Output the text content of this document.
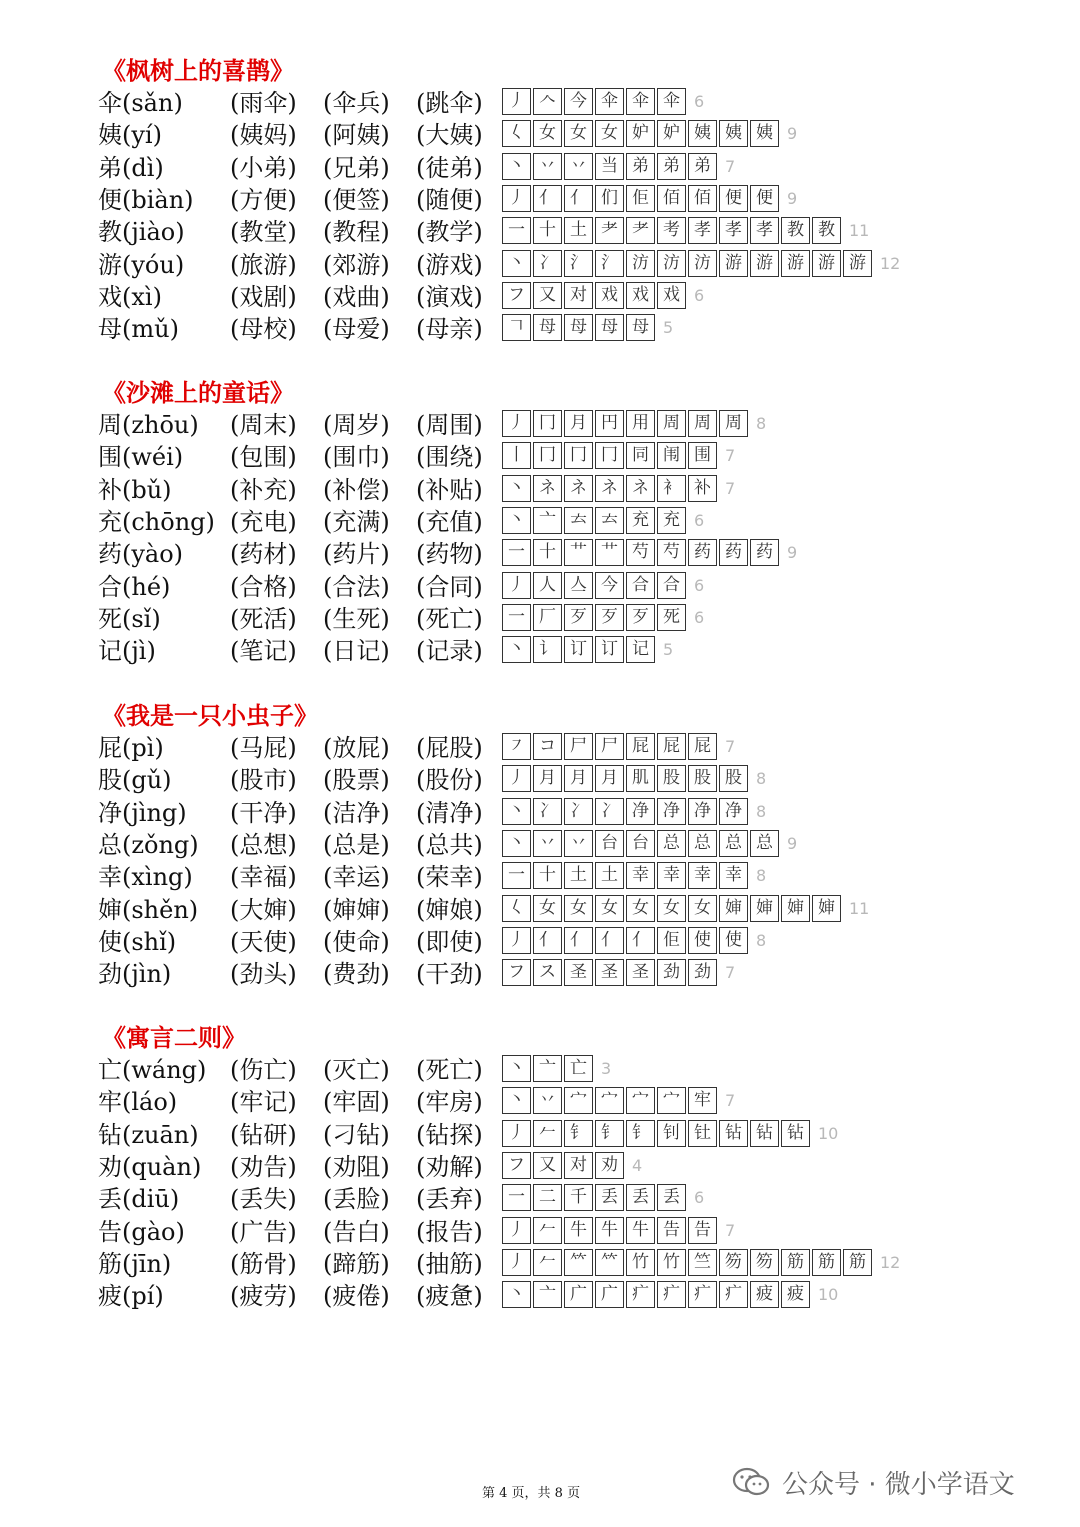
《枫树上的喜鹊》
伞(sǎn) (雨伞) (伞兵) (跳伞)	丿 𠆢 今 伞 伞 伞 6
姨(yí)	(姨妈) (阿姨) (大姨)	𡿨 女 女 女 妒 妒 姨 姨 姨 9
弟(dì)	(小弟) (兄弟) (徒弟)	丶 丷 丷 当 弟 弟 弟 7
便(biàn) (方便) (便签) (随便)	丿 亻 亻 们 佢 佰 佰 便 便 9
教(jiào) (教堂) (教程) (教学)	一 十 土 耂 耂 考 孝 孝 孝 教 教 11
游(yóu) (旅游) (郊游) (游戏)	丶 冫 氵 氵 汸 汸 汸 游 游 游 游 游 12
戏(xì)	(戏剧) (戏曲) (演戏)	フ 又 对 戏 戏 戏 6
母(mǔ) (母校) (母爱) (母亲)	𠃍 母 母 母 母 5
《沙滩上的童话》
周(zhōu) (周末) (周岁) (周围)	丿 冂 月 円 用 周 周 周 8
围(wéi) (包围) (围巾) (围绕)	丨 冂 冂 冂 同 闱 围 7
补(bǔ) (补充) (补偿) (补贴)	丶 ネ ネ ネ ネ 衤 补 7
充(chōng) (充电) (充满) (充值)	丶 亠 𠫓 𠫓 充 充 6
药(yào) (药材) (药片) (药物)	一 十 艹 艹 芍 芍 药 药 药 9
合(hé) (合格) (合法) (合同)	丿 人 亼 今 合 合 6
死(sǐ)	(死活) (生死) (死亡)	一 厂 歹 歹 歹 死 6
记(jì)	(笔记) (日记) (记录)	丶 讠 订 订 记 5
《我是一只小虫子》
屁(pì)	(马屁) (放屁) (屁股)	㇇ コ 尸 尸 屁 屁 屁 7
股(gǔ) (股市) (股票) (股份)	丿 月 月 月 肌 股 股 股 8
净(jìng) (干净) (洁净) (清净)	丶 冫 冫 冫 净 净 净 净 8
总(zǒng) (总想) (总是) (总共)	丶 丷 丷 台 台 总 总 总 总 9
幸(xìng) (幸福) (幸运) (荣幸)	一 十 土 土 幸 幸 幸 幸 8
婶(shěn) (大婶) (婶婶) (婶娘)	𡿨 女 女 女 女 女 女 婶 婶 婶 婶 11
使(shǐ) (天使) (使命) (即使)	丿 亻 亻 亻 亻 佢 使 使 8
劲(jìn) (劲头) (费劲) (干劲)	フ ス 圣 圣 圣 劲 劲 7
《寓言二则》
亡(wáng) (伤亡) (灭亡) (死亡)	丶 亠 亡 3
牢(láo) (牢记) (牢固) (牢房)	丶 丷 宀 宀 宀 宀 牢 7
钻(zuān) (钻研) (刁钻) (钻探)	丿 𠂉 钅 钅 钅 钊 钍 钻 钻 钻 10
劝(quàn) (劝告) (劝阻) (劝解)	フ 又 对 劝 4
丢(diū) (丢失) (丢脸) (丢弃)	一 二 千 丢 丢 丢 6
告(gào) (广告) (告白) (报告)	丿 𠂉 牛 牛 牛 告 告 7
筋(jīn) (筋骨) (蹄筋) (抽筋)	丿 𠂉 𥫗 𥫗 竹 竹 竺 笏 笏 筋 筋 筋 12
疲(pí)	(疲劳) (疲倦) (疲惫)	丶 亠 广 广 疒 疒 疒 疒 疲 疲 10
第 4 页，共 8 页	公众号 · 微小学语文
